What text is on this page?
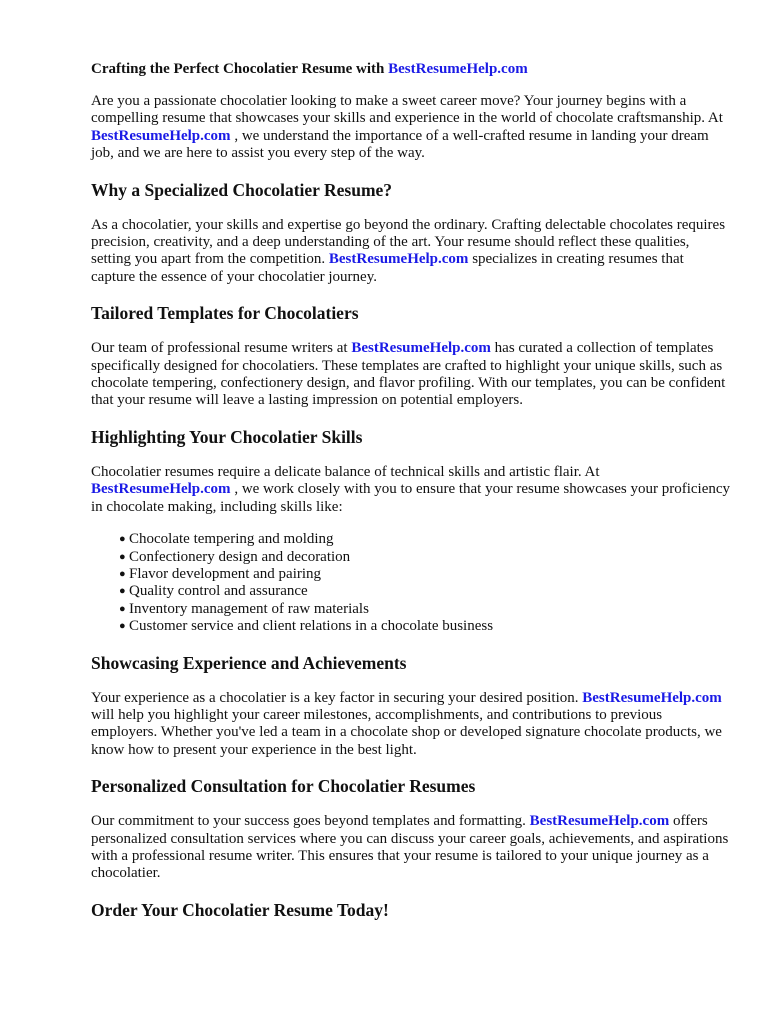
Crafting the Perfect Chocolatier Resume with BestResumeHelp.com

Are you a passionate chocolatier looking to make a sweet career move? Your journey begins with a compelling resume that showcases your skills and experience in the world of chocolate craftsmanship. At BestResumeHelp.com , we understand the importance of a well-crafted resume in landing your dream job, and we are here to assist you every step of the way.

Why a Specialized Chocolatier Resume?

As a chocolatier, your skills and expertise go beyond the ordinary. Crafting delectable chocolates requires precision, creativity, and a deep understanding of the art. Your resume should reflect these qualities, setting you apart from the competition. BestResumeHelp.com specializes in creating resumes that capture the essence of your chocolatier journey.

Tailored Templates for Chocolatiers

Our team of professional resume writers at BestResumeHelp.com has curated a collection of templates specifically designed for chocolatiers. These templates are crafted to highlight your unique skills, such as chocolate tempering, confectionery design, and flavor profiling. With our templates, you can be confident that your resume will leave a lasting impression on potential employers.

Highlighting Your Chocolatier Skills

Chocolatier resumes require a delicate balance of technical skills and artistic flair. At BestResumeHelp.com , we work closely with you to ensure that your resume showcases your proficiency in chocolate making, including skills like:

● Chocolate tempering and molding
● Confectionery design and decoration
● Flavor development and pairing
● Quality control and assurance
● Inventory management of raw materials
● Customer service and client relations in a chocolate business
Showcasing Experience and Achievements

Your experience as a chocolatier is a key factor in securing your desired position. BestResumeHelp.com will help you highlight your career milestones, accomplishments, and contributions to previous employers. Whether you've led a team in a chocolate shop or developed signature chocolate products, we know how to present your experience in the best light.

Personalized Consultation for Chocolatier Resumes

Our commitment to your success goes beyond templates and formatting. BestResumeHelp.com offers personalized consultation services where you can discuss your career goals, achievements, and aspirations with a professional resume writer. This ensures that your resume is tailored to your unique journey as a chocolatier.

Order Your Chocolatier Resume Today!
